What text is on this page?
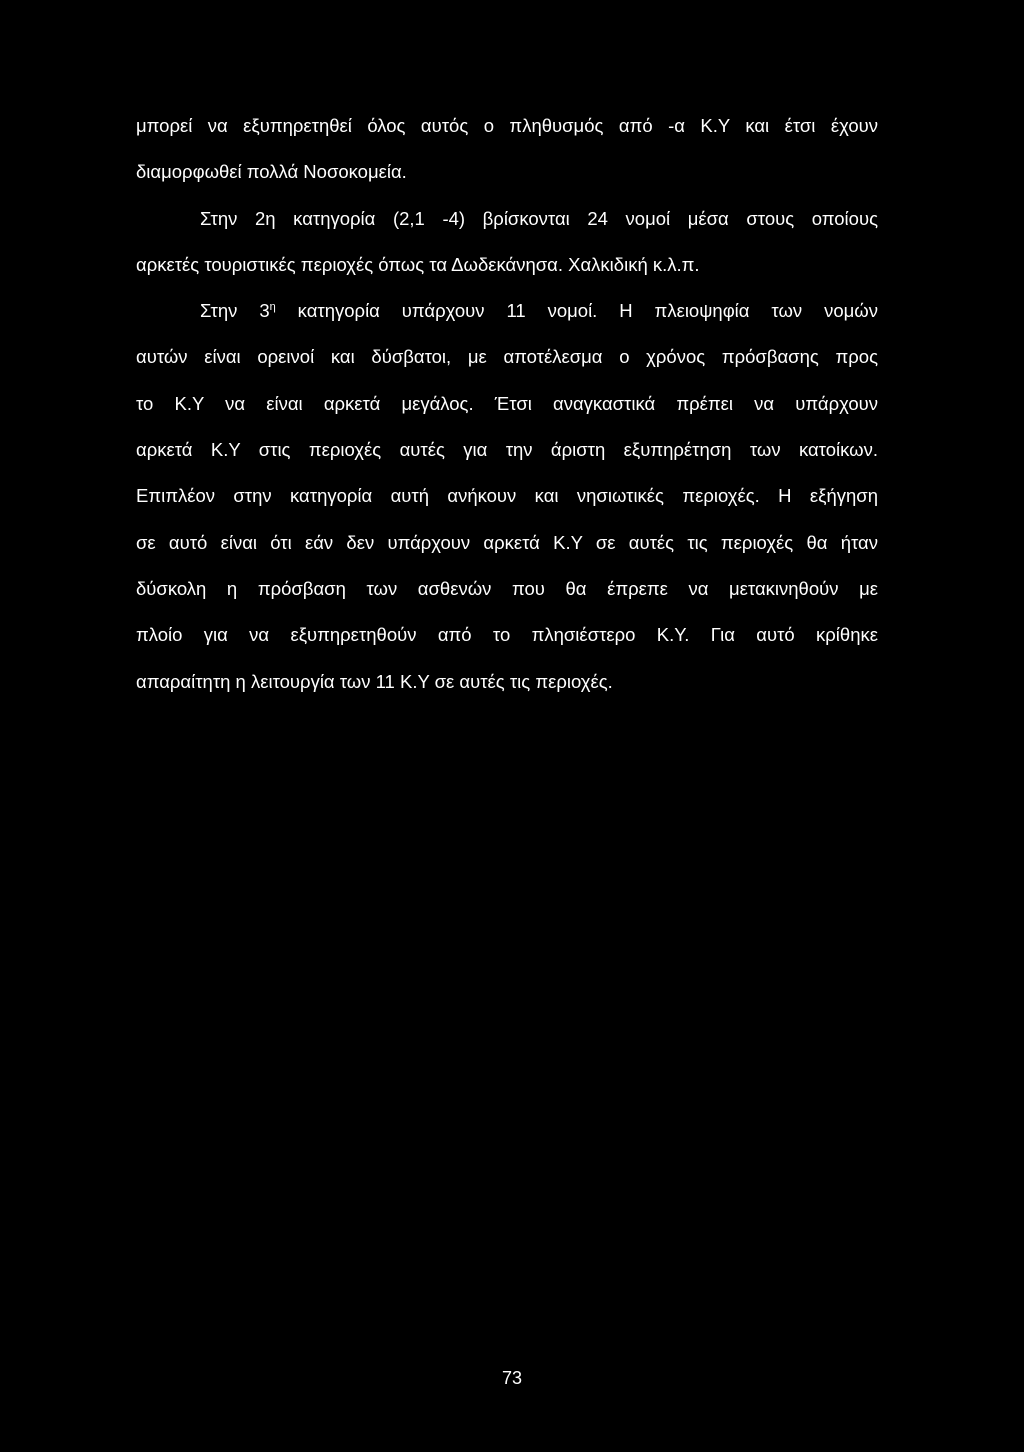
μπορεί να εξυπηρετηθεί όλος αυτός ο πληθυσμός από -α Κ.Υ και έτσι έχουν
διαμορφωθεί πολλά Νοσοκομεία.
Στην 2η κατηγορία (2,1 -4) βρίσκονται 24 νομοί μέσα στους οποίους
αρκετές τουριστικές περιοχές όπως τα Δωδεκάνησα. Χαλκιδική κ.λ.π.
Στην $3^\eta$ κατηγορία υπάρχουν 11 νομοί. Η πλειοψηφία των νομών
αυτών είναι ορεινοί και δύσβατοι, με αποτέλεσμα ο χρόνος πρόσβασης προς
το Κ.Υ να είναι αρκετά μεγάλος. Έτσι αναγκαστικά πρέπει να υπάρχουν
αρκετά Κ.Υ στις περιοχές αυτές για την άριστη εξυπηρέτηση των κατοίκων.
Επιπλέον στην κατηγορία αυτή ανήκουν και νησιωτικές περιοχές. Η εξήγηση
σε αυτό είναι ότι εάν δεν υπάρχουν αρκετά Κ.Υ σε αυτές τις περιοχές θα ήταν
δύσκολη η πρόσβαση των ασθενών που θα έπρεπε να μετακινηθούν με
πλοίο για να εξυπηρετηθούν από το πλησιέστερο Κ.Υ. Για αυτό κρίθηκε
απαραίτητη η λειτουργία των 11 Κ.Υ σε αυτές τις περιοχές.
73
